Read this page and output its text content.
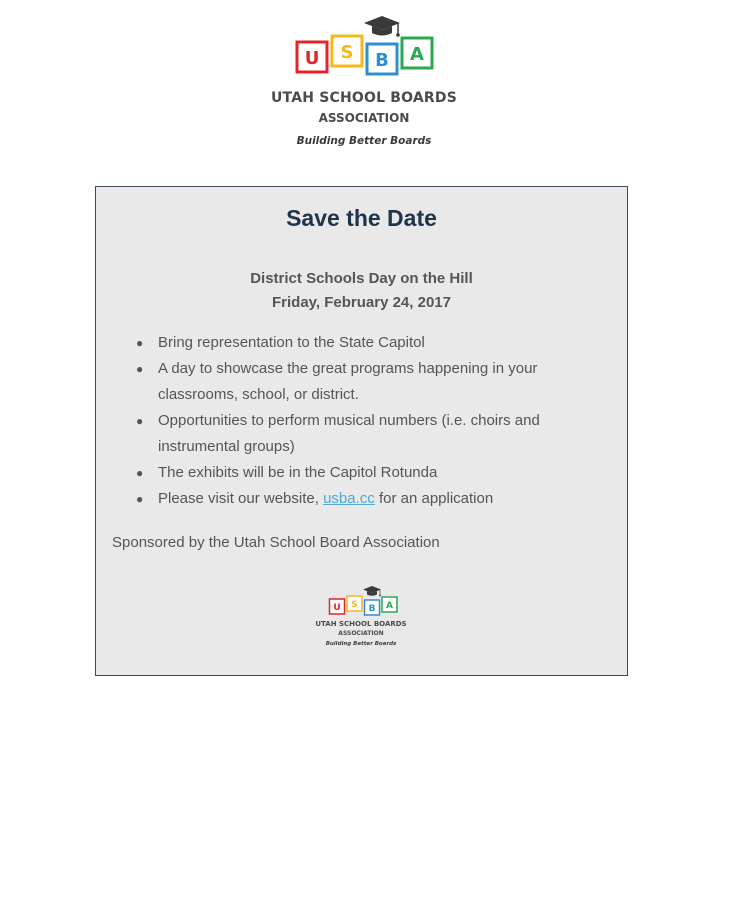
U S B A
UTAH SCHOOL BOARDS
ASSOCIATION
Building Better Boards
Save the Date
District Schools Day on the Hill
Friday, February 24, 2017
● Bring representation to the State Capitol
● A day to showcase the great programs happening in your classrooms, school, or district.
● Opportunities to perform musical numbers (i.e. choirs and instrumental groups)
● The exhibits will be in the Capitol Rotunda
● Please visit our website, usba.cc for an application
Sponsored by the Utah School Board Association
U S B A
UTAH SCHOOL BOARDS
ASSOCIATION
Building Better Boards
